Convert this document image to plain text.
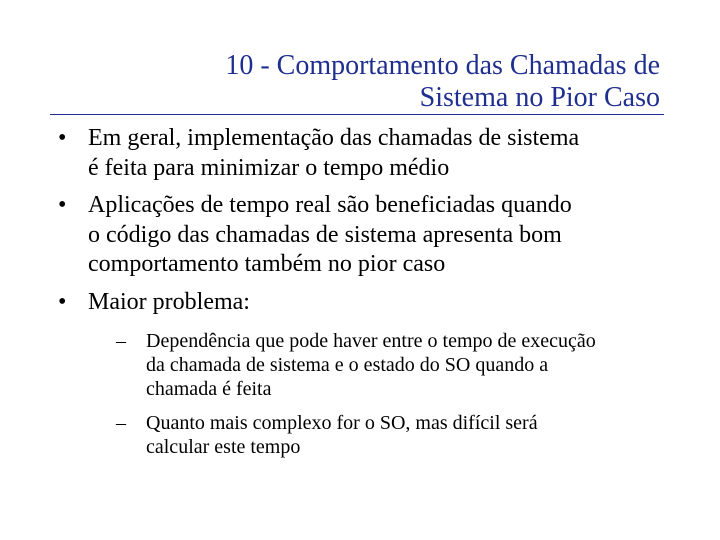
10 - Comportamento das Chamadas de
Sistema no Pior Caso
• Em geral, implementação das chamadas de sistema
é feita para minimizar o tempo médio
• Aplicações de tempo real são beneficiadas quando
o código das chamadas de sistema apresenta bom
comportamento também no pior caso
• Maior problema:
– Dependência que pode haver entre o tempo de execução
da chamada de sistema e o estado do SO quando a
chamada é feita
– Quanto mais complexo for o SO, mas difícil será
calcular este tempo
